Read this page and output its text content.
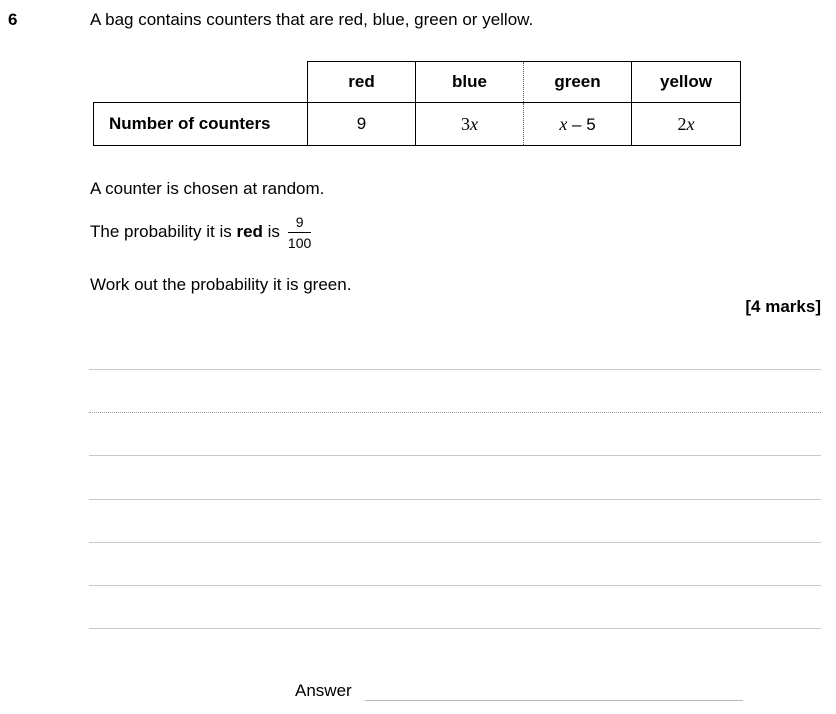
6	A bag contains counters that are red, blue, green or yellow.
	red	blue	green	yellow
Number of counters	9	3x	x – 5	2x
A counter is chosen at random.
The probability it is red is $\frac{9}{100}$
Work out the probability it is green.
[4 marks]
Answer
